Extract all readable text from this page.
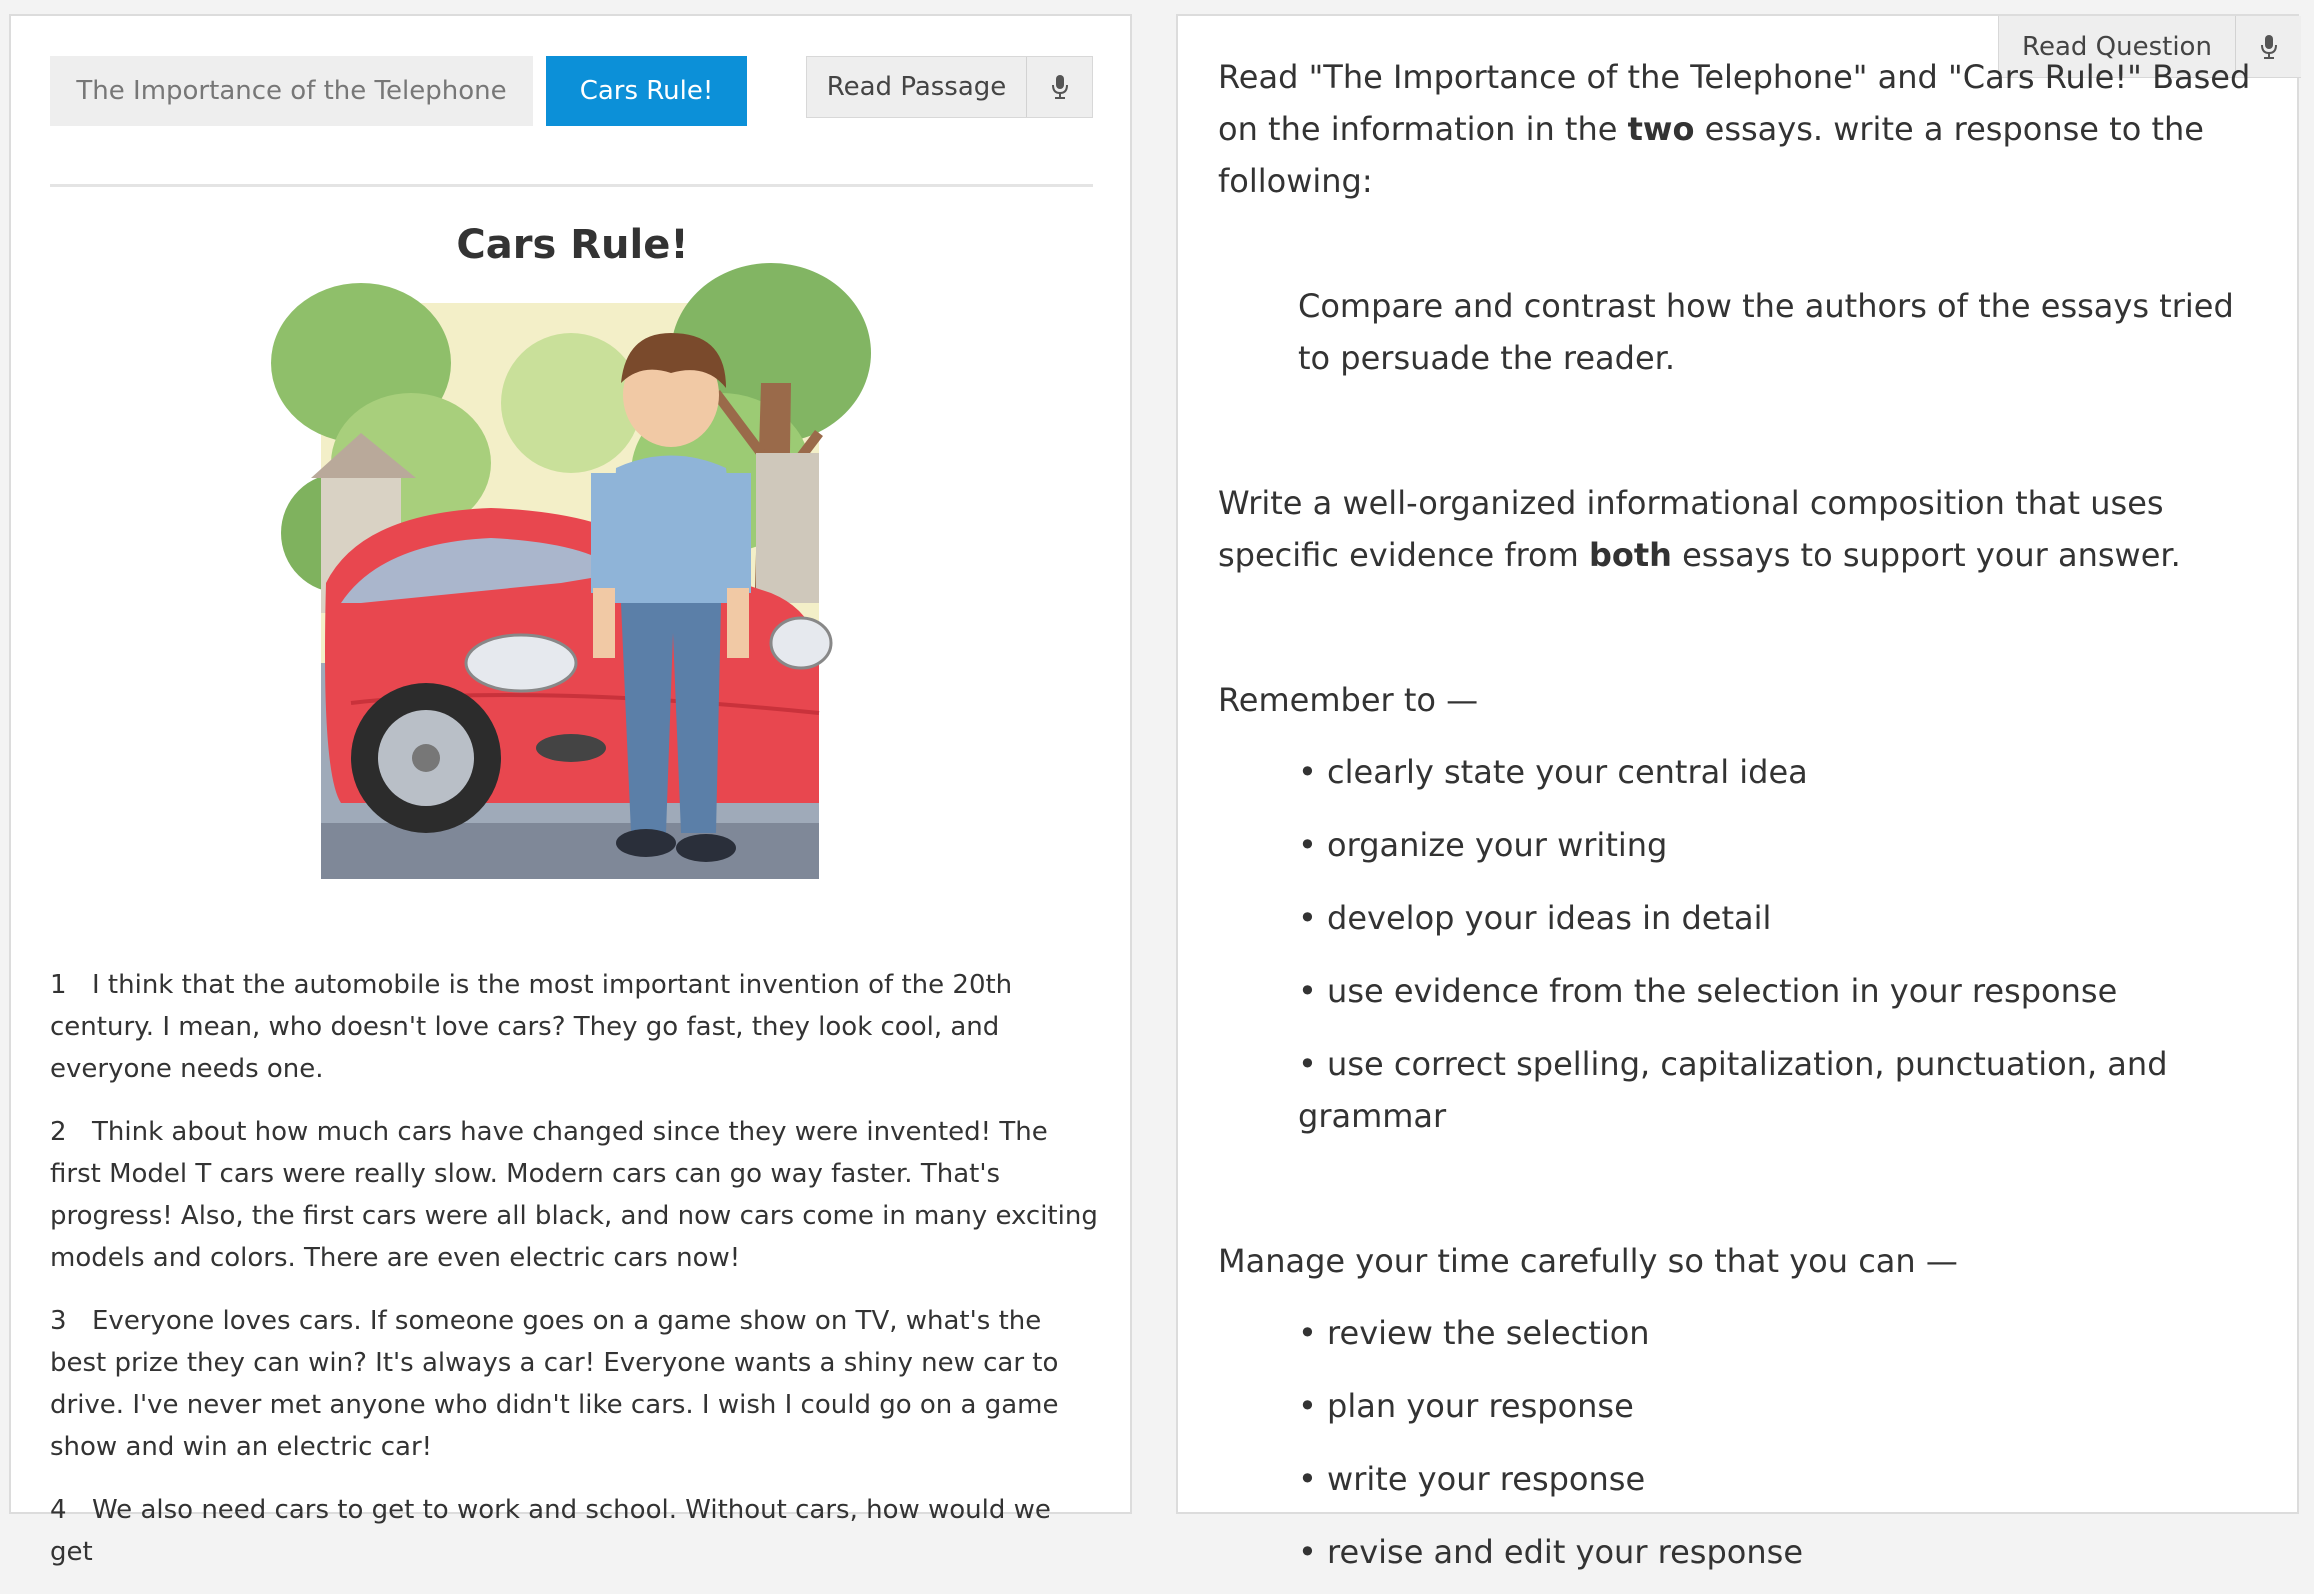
The Importance of the Telephone	Cars Rule!	Read Passage
Cars Rule!

1 I think that the automobile is the most important invention of the 20th century. I mean, who doesn't love cars? They go fast, they look cool, and everyone needs one.

2 Think about how much cars have changed since they were invented! The first Model T cars were really slow. Modern cars can go way faster. That's progress! Also, the first cars were all black, and now cars come in many exciting models and colors. There are even electric cars now!

3 Everyone loves cars. If someone goes on a game show on TV, what's the best prize they can win? It's always a car! Everyone wants a shiny new car to drive. I've never met anyone who didn't like cars. I wish I could go on a game show and win an electric car!

4 We also need cars to get to work and school. Without cars, how would we get

Read Question

Read "The Importance of the Telephone" and "Cars Rule!" Based on the information in the two essays. write a response to the following:

Compare and contrast how the authors of the essays tried to persuade the reader.

Write a well-organized informational composition that uses specific evidence from both essays to support your answer.

Remember to —

• clearly state your central idea

• organize your writing

• develop your ideas in detail

• use evidence from the selection in your response

• use correct spelling, capitalization, punctuation, and grammar

Manage your time carefully so that you can —

• review the selection

• plan your response

• write your response

• revise and edit your response
